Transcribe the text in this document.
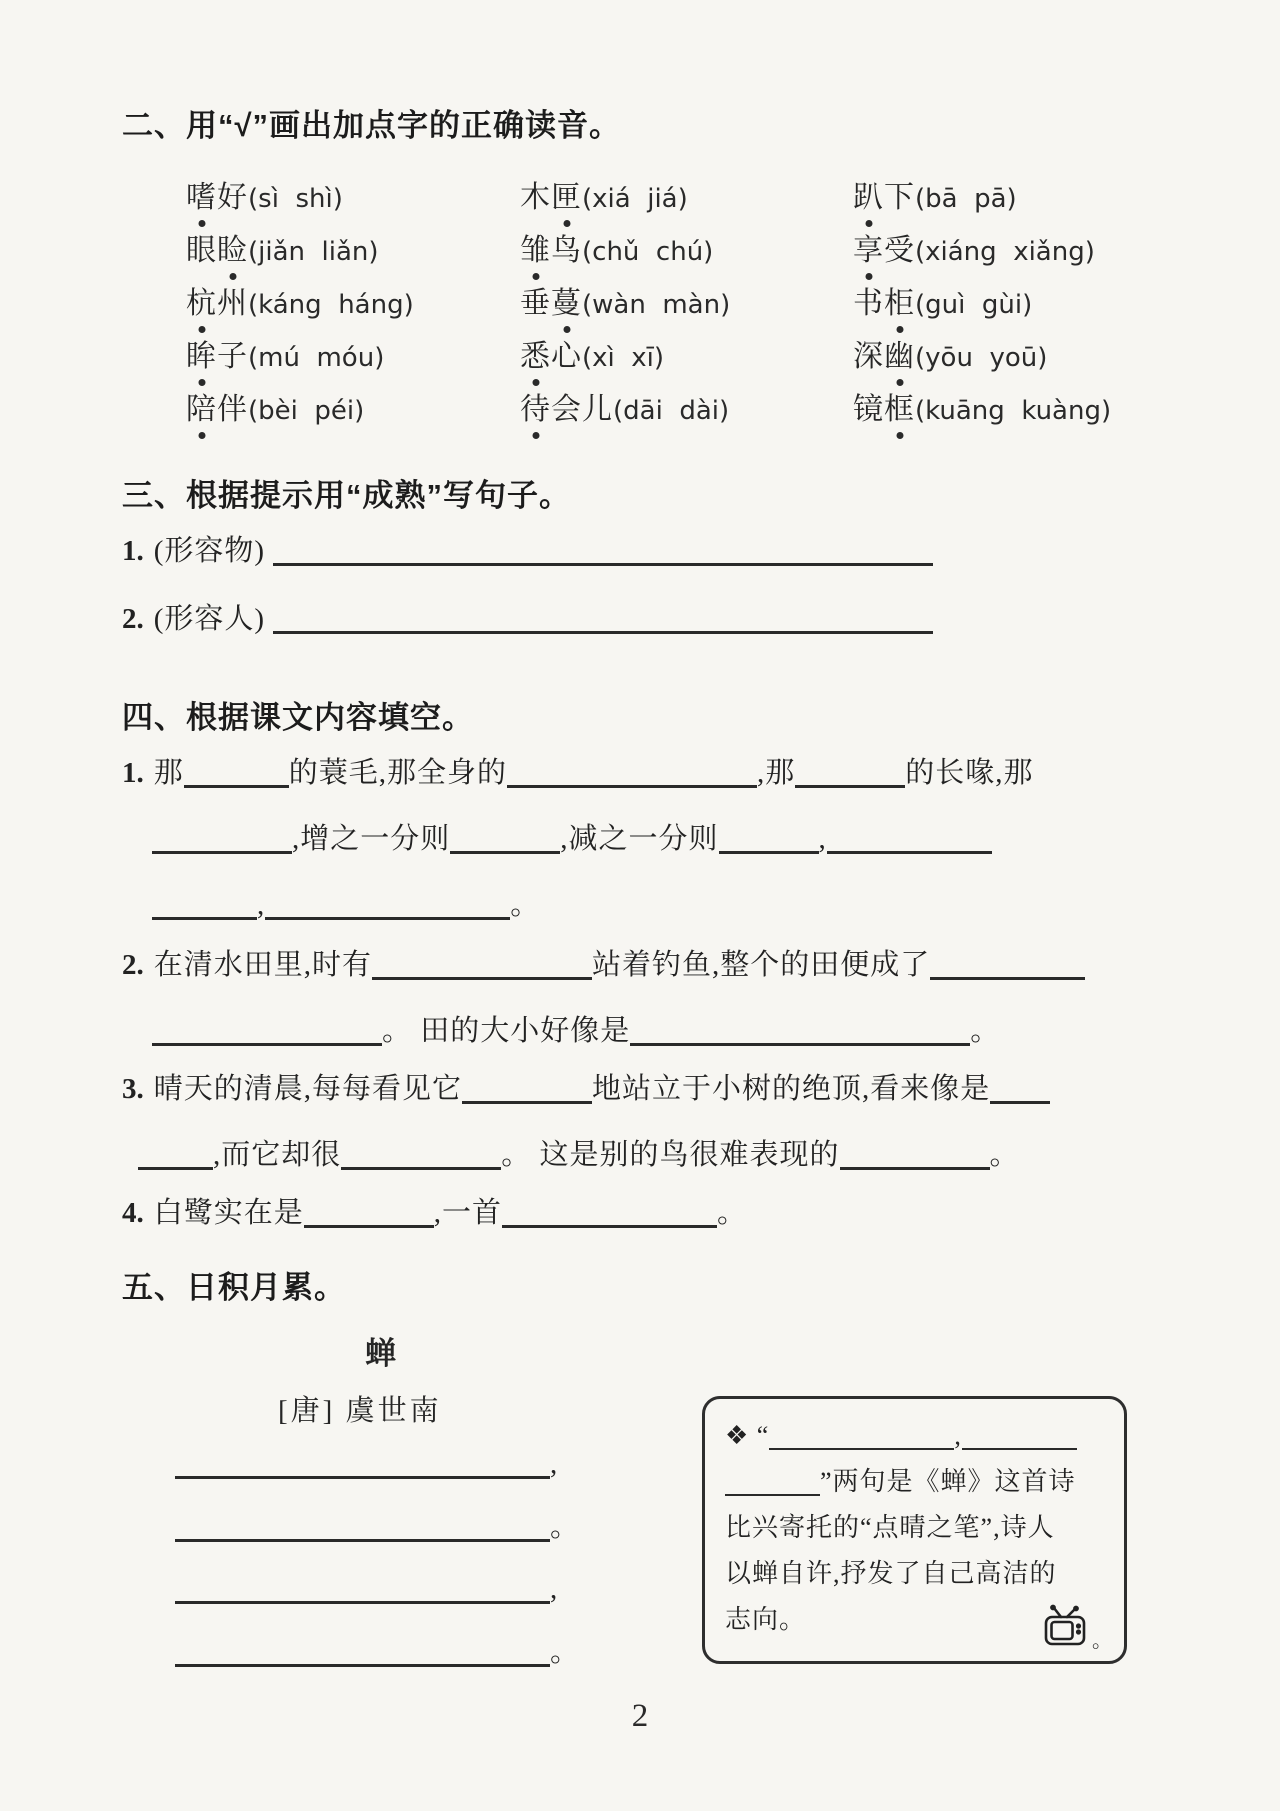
二、用“√”画出加点字的正确读音。
嗜好(sì  shì)	木匣(xiá  jiá)	趴下(bā  pā)
眼睑(jiǎn  liǎn)	雏鸟(chǔ  chú)	享受(xiáng  xiǎng)
杭州(káng  háng)	垂蔓(wàn  màn)	书柜(guì  gùi)
眸子(mú  móu)	悉心(xì  xī)	深幽(yōu  yoū)
陪伴(bèi  péi)	待会儿(dāi  dài)	镜框(kuāng  kuàng)
三、根据提示用“成熟”写句子。
1. (形容物)
2. (形容人)
四、根据课文内容填空。
1. 那	的蓑毛,那全身的	,那	的长喙,那
,增之一分则	,减之一分则	,
,	。
2. 在清水田里,时有	站着钓鱼,整个的田便成了
。 田的大小好像是	。
3. 晴天的清晨,每每看见它	地站立于小树的绝顶,看来像是
,而它却很	。 这是别的鸟很难表现的	。
4. 白鹭实在是	,一首	。
五、日积月累。
蝉
[唐] 虞世南
,
。
,
。
❖ “	,
”两句是《蝉》这首诗
比兴寄托的“点晴之笔”,诗人
以蝉自许,抒发了自己高洁的
志向。
。
2
